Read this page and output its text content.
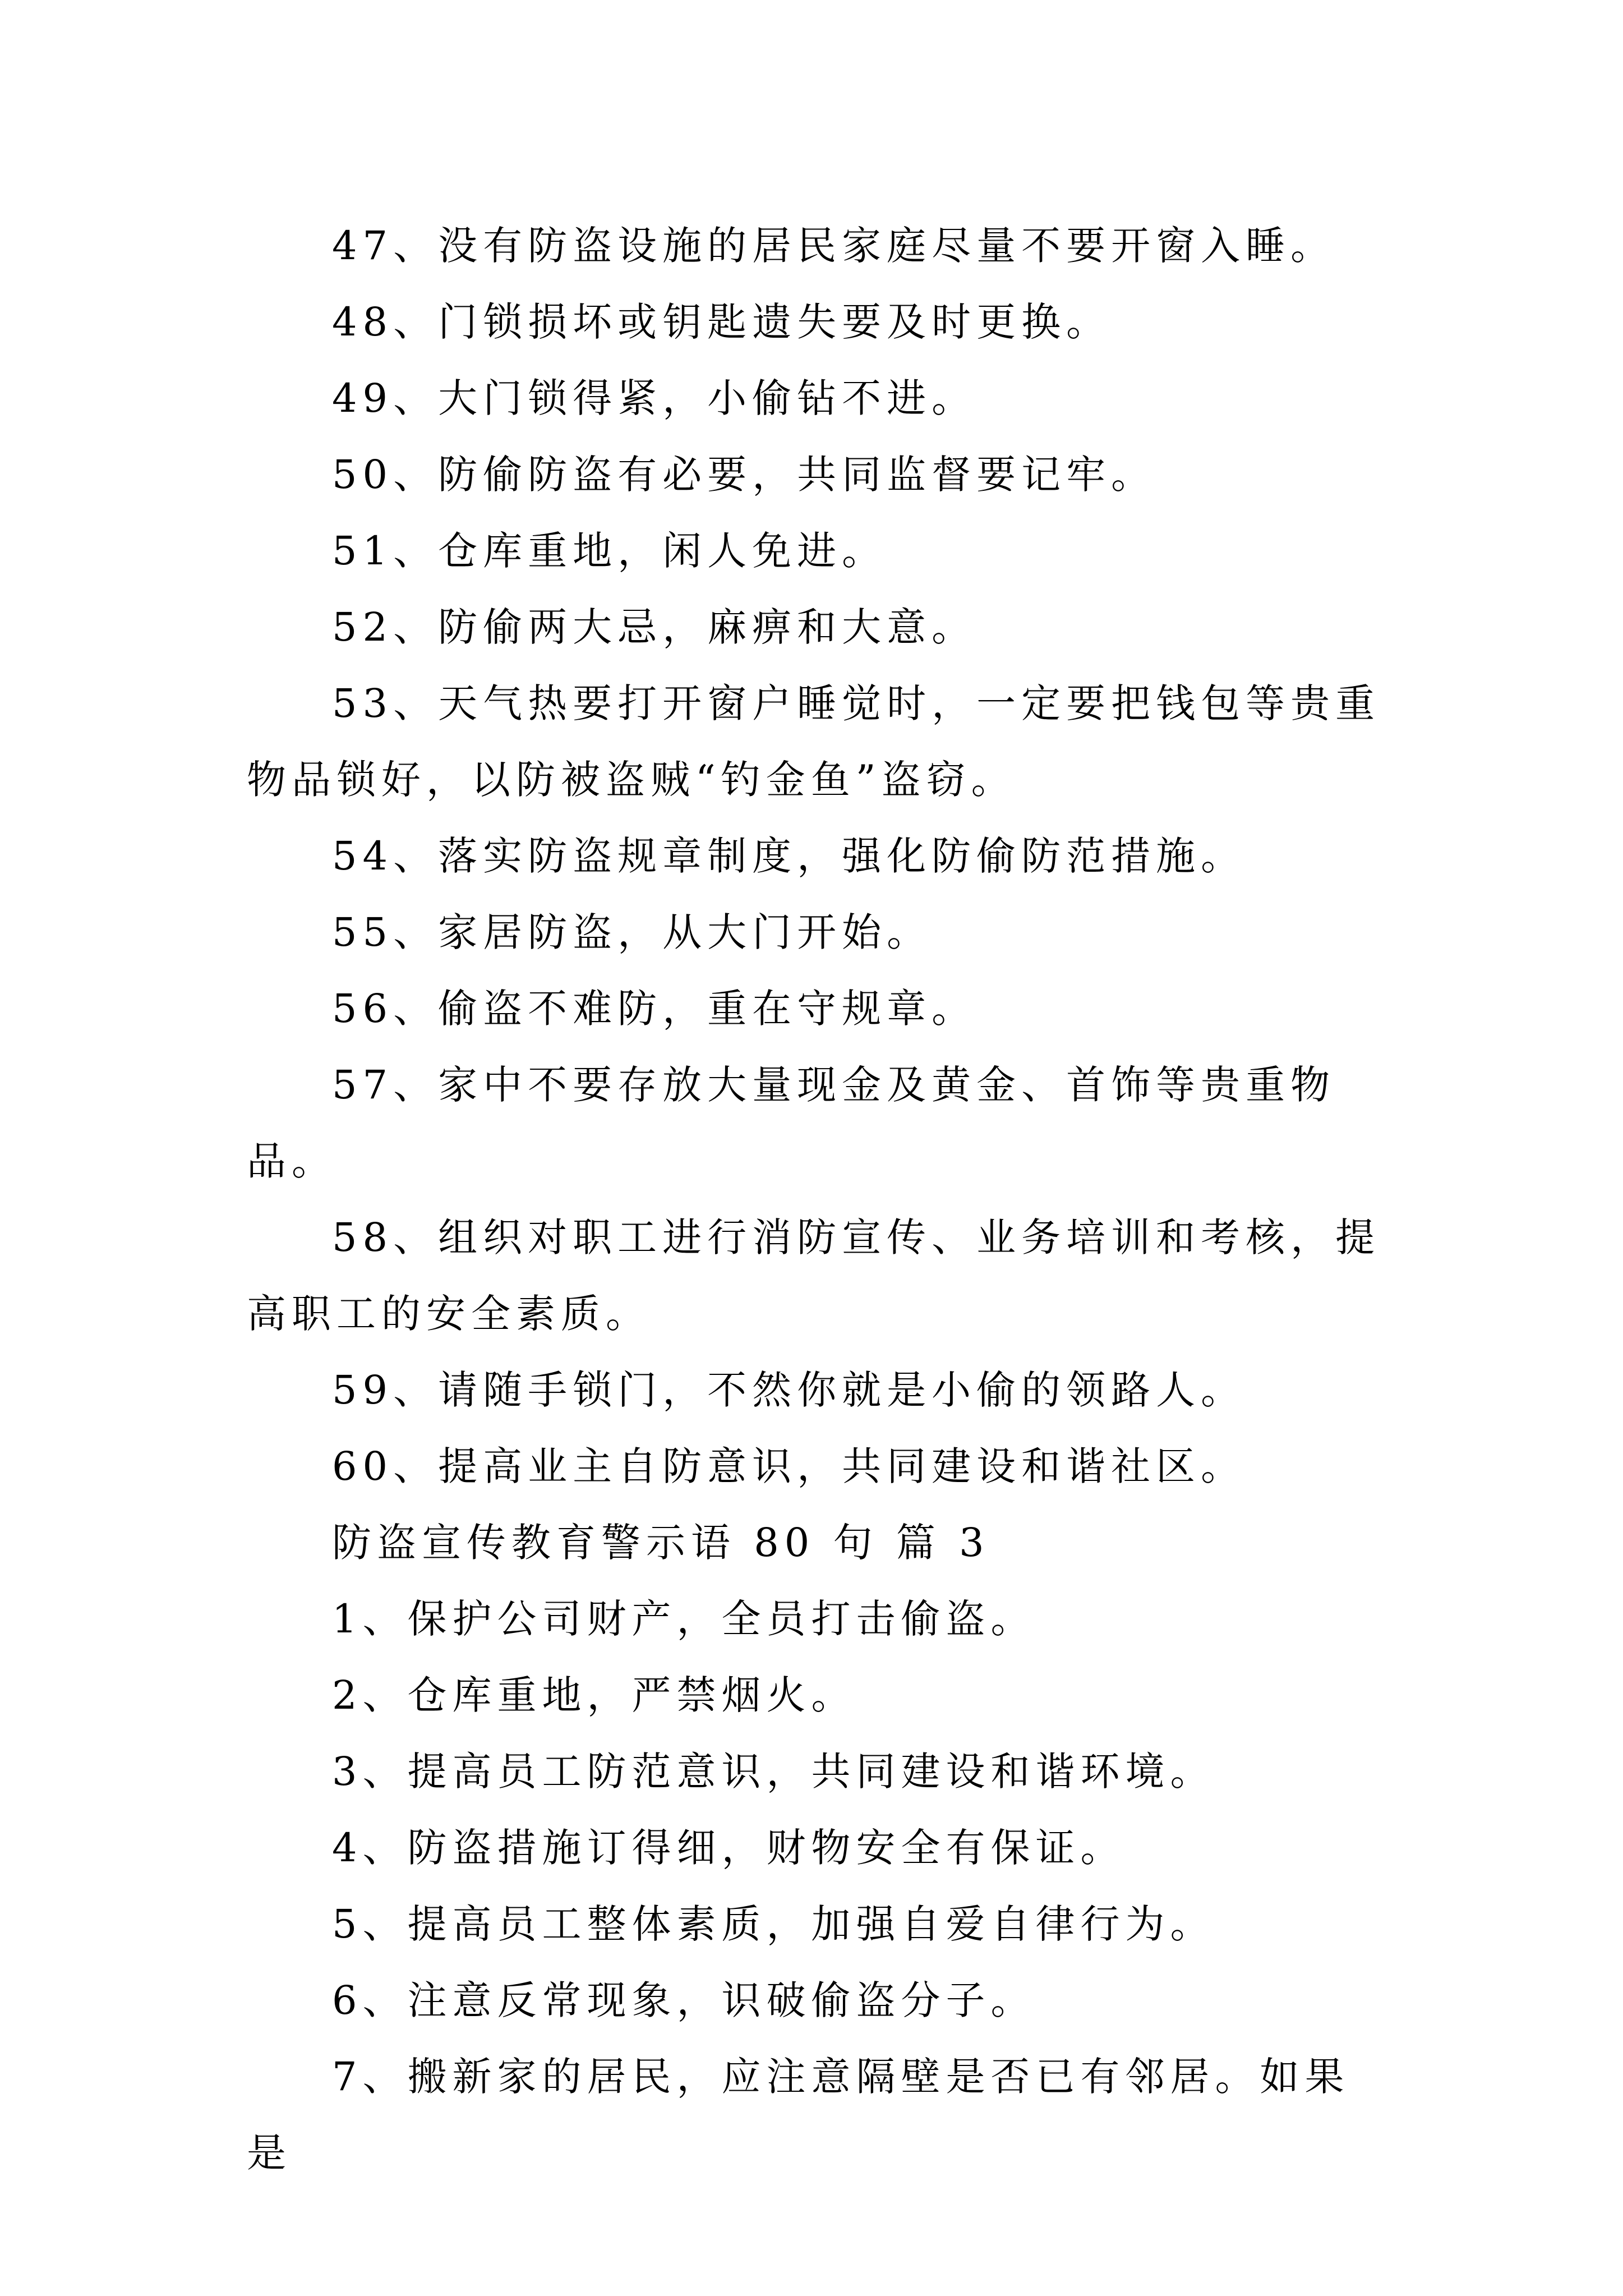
47、没有防盗设施的居民家庭尽量不要开窗入睡。

48、门锁损坏或钥匙遗失要及时更换。

49、大门锁得紧，小偷钻不进。

50、防偷防盗有必要，共同监督要记牢。

51、仓库重地，闲人免进。

52、防偷两大忌，麻痹和大意。

53、天气热要打开窗户睡觉时，一定要把钱包等贵重物品锁好，以防被盗贼“钓金鱼”盗窃。

54、落实防盗规章制度，强化防偷防范措施。

55、家居防盗，从大门开始。

56、偷盗不难防，重在守规章。

57、家中不要存放大量现金及黄金、首饰等贵重物品。

58、组织对职工进行消防宣传、业务培训和考核，提高职工的安全素质。

59、请随手锁门，不然你就是小偷的领路人。

60、提高业主自防意识，共同建设和谐社区。

防盗宣传教育警示语 80 句 篇 3

1、保护公司财产，全员打击偷盗。

2、仓库重地，严禁烟火。

3、提高员工防范意识，共同建设和谐环境。

4、防盗措施订得细，财物安全有保证。

5、提高员工整体素质，加强自爱自律行为。

6、注意反常现象，识破偷盗分子。

7、搬新家的居民，应注意隔壁是否已有邻居。如果是
